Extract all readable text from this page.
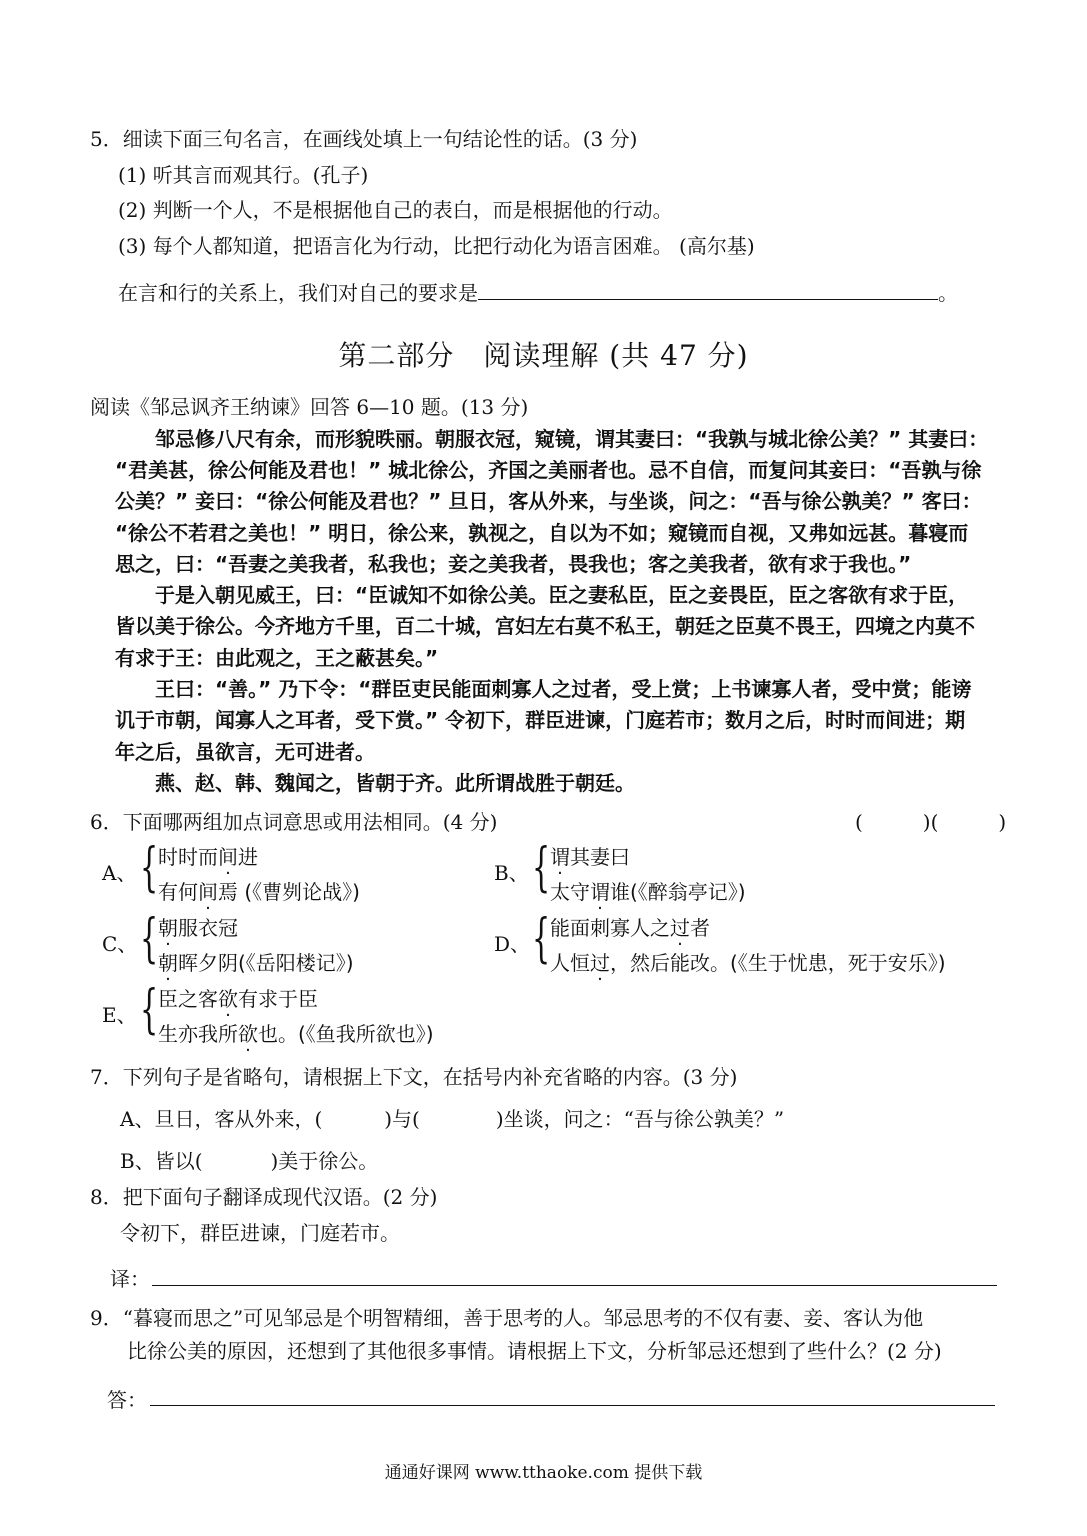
5．细读下面三句名言，在画线处填上一句结论性的话。(3 分)
(1) 听其言而观其行。(孔子)
(2) 判断一个人，不是根据他自己的表白，而是根据他的行动。
(3) 每个人都知道，把语言化为行动，比把行动化为语言困难。 (高尔基)
在言和行的关系上，我们对自己的要求是	。
第二部分　阅读理解 (共 47 分)
阅读《邹忌讽齐王纳谏》回答 6—10 题。(13 分)
　　邹忌修八尺有余，而形貌昳丽。朝服衣冠，窥镜，谓其妻曰：“我孰与城北徐公美？” 其妻曰：
“君美甚，徐公何能及君也！” 城北徐公，齐国之美丽者也。忌不自信，而复问其妾曰：“吾孰与徐
公美？” 妾曰：“徐公何能及君也？” 旦日，客从外来，与坐谈，问之：“吾与徐公孰美？” 客曰：
“徐公不若君之美也！” 明日，徐公来，孰视之，自以为不如；窥镜而自视，又弗如远甚。暮寝而
思之，曰：“吾妻之美我者，私我也；妾之美我者，畏我也；客之美我者，欲有求于我也。”
　　于是入朝见威王，曰：“臣诚知不如徐公美。臣之妻私臣，臣之妾畏臣，臣之客欲有求于臣，
皆以美于徐公。今齐地方千里，百二十城，宫妇左右莫不私王，朝廷之臣莫不畏王，四境之内莫不
有求于王：由此观之，王之蔽甚矣。”
　　王曰：“善。” 乃下令：“群臣吏民能面刺寡人之过者，受上赏；上书谏寡人者，受中赏；能谤
讥于市朝，闻寡人之耳者，受下赏。” 令初下，群臣进谏，门庭若市；数月之后，时时而间进；期
年之后，虽欲言，无可进者。
　　燕、赵、韩、魏闻之，皆朝于齐。此所谓战胜于朝廷。
6．下面哪两组加点词意思或用法相同。(4 分)	(　　　)(　　　)
A、 { 时时而间进
有何间焉 (《曹刿论战》)
B、 { 谓其妻曰
太守谓谁(《醉翁亭记》)
C、 { 朝服衣冠
朝晖夕阴(《岳阳楼记》)
D、 { 能面刺寡人之过者
人恒过，然后能改。(《生于忧患，死于安乐》)
E、 { 臣之客欲有求于臣
生亦我所欲也。(《鱼我所欲也》)
7．下列句子是省略句，请根据上下文，在括号内补充省略的内容。(3 分)
A、旦日，客从外来，(	)与(	)坐谈，问之：“吾与徐公孰美？”
B、皆以(	)美于徐公。
8．把下面句子翻译成现代汉语。(2 分)
令初下，群臣进谏，门庭若市。
译：
9．“暮寝而思之”可见邹忌是个明智精细，善于思考的人。邹忌思考的不仅有妻、妾、客认为他
比徐公美的原因，还想到了其他很多事情。请根据上下文，分析邹忌还想到了些什么？(2 分)
答：
通通好课网 www.tthaoke.com 提供下载
